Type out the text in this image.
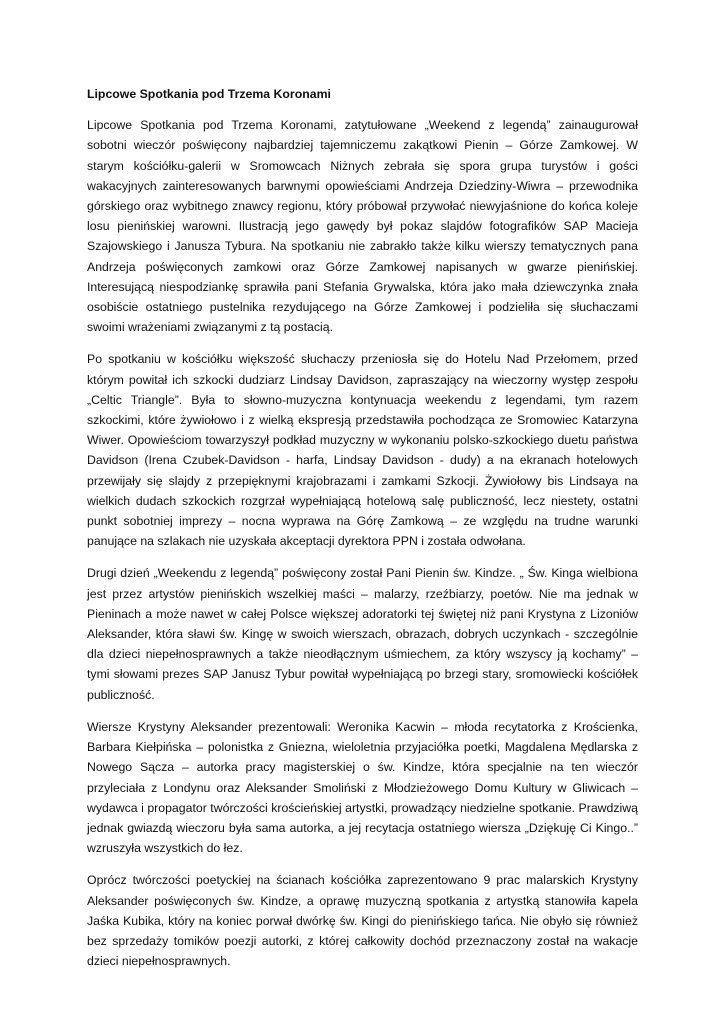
Lipcowe Spotkania pod Trzema Koronami

Lipcowe Spotkania pod Trzema Koronami, zatytułowane „Weekend z legendą” zainaugurował sobotni wieczór poświęcony najbardziej tajemniczemu zakątkowi Pienin – Górze Zamkowej. W starym kościółku-galerii w Sromowcach Niżnych zebrała się spora grupa turystów i gości wakacyjnych zainteresowanych barwnymi opowieściami Andrzeja Dziedziny-Wiwra – przewodnika górskiego oraz wybitnego znawcy regionu, który próbował przywołać niewyjaśnione do końca koleje losu pienińskiej warowni. Ilustracją jego gawędy był pokaz slajdów fotografików SAP Macieja Szajowskiego i Janusza Tybura. Na spotkaniu nie zabrakło także kilku wierszy tematycznych pana Andrzeja poświęconych zamkowi oraz Górze Zamkowej napisanych w gwarze pienińskiej. Interesującą niespodziankę sprawiła pani Stefania Grywalska, która jako mała dziewczynka znała osobiście ostatniego pustelnika rezydującego na Górze Zamkowej i podzieliła się słuchaczami swoimi wrażeniami związanymi z tą postacią.

Po spotkaniu w kościółku większość słuchaczy przeniosła się do Hotelu Nad Przełomem, przed którym powitał ich szkocki dudziarz Lindsay Davidson, zapraszający na wieczorny występ zespołu „Celtic Triangle”. Była to słowno-muzyczna kontynuacja weekendu z legendami, tym razem szkockimi, które żywiołowo i z wielką ekspresją przedstawiła pochodząca ze Sromowiec Katarzyna Wiwer. Opowieściom towarzyszył podkład muzyczny w wykonaniu polsko-szkockiego duetu państwa Davidson (Irena Czubek-Davidson - harfa, Lindsay Davidson - dudy) a na ekranach hotelowych przewijały się slajdy z przepięknymi krajobrazami i zamkami Szkocji. Żywiołowy bis Lindsaya na wielkich dudach szkockich rozgrzał wypełniającą hotelową salę publiczność, lecz niestety, ostatni punkt sobotniej imprezy – nocna wyprawa na Górę Zamkową – ze względu na trudne warunki panujące na szlakach nie uzyskała akceptacji dyrektora PPN i została odwołana.

Drugi dzień „Weekendu z legendą” poświęcony został Pani Pienin św. Kindze. „ Św. Kinga wielbiona jest przez artystów pienińskich wszelkiej maści – malarzy, rzeźbiarzy, poetów. Nie ma jednak w Pieninach a może nawet w całej Polsce większej adoratorki tej świętej niż pani Krystyna z Lizoniów Aleksander, która sławi św. Kingę w swoich wierszach, obrazach, dobrych uczynkach - szczególnie dla dzieci niepełnosprawnych a także nieodłącznym uśmiechem, za który wszyscy ją kochamy” – tymi słowami prezes SAP Janusz Tybur powitał wypełniającą po brzegi stary, sromowiecki kościółek publiczność.

Wiersze Krystyny Aleksander prezentowali: Weronika Kacwin – młoda recytatorka z Krościenka, Barbara Kiełpińska – polonistka z Gniezna, wieloletnia przyjaciółka poetki, Magdalena Mędlarska z Nowego Sącza – autorka pracy magisterskiej o św. Kindze, która specjalnie na ten wieczór przyleciała z Londynu oraz Aleksander Smoliński z Młodzieżowego Domu Kultury w Gliwicach – wydawca i propagator twórczości krościeńskiej artystki, prowadzący niedzielne spotkanie. Prawdziwą jednak gwiazdą wieczoru była sama autorka, a jej recytacja ostatniego wiersza „Dziękuję Ci Kingo..” wzruszyła wszystkich do łez.

Oprócz twórczości poetyckiej na ścianach kościółka zaprezentowano 9 prac malarskich Krystyny Aleksander poświęconych św. Kindze, a oprawę muzyczną spotkania z artystką stanowiła kapela Jaśka Kubika, który na koniec porwał dwórkę św. Kingi do pienińskiego tańca. Nie obyło się również bez sprzedaży tomików poezji autorki, z której całkowity dochód przeznaczony został na wakacje dzieci niepełnosprawnych.
